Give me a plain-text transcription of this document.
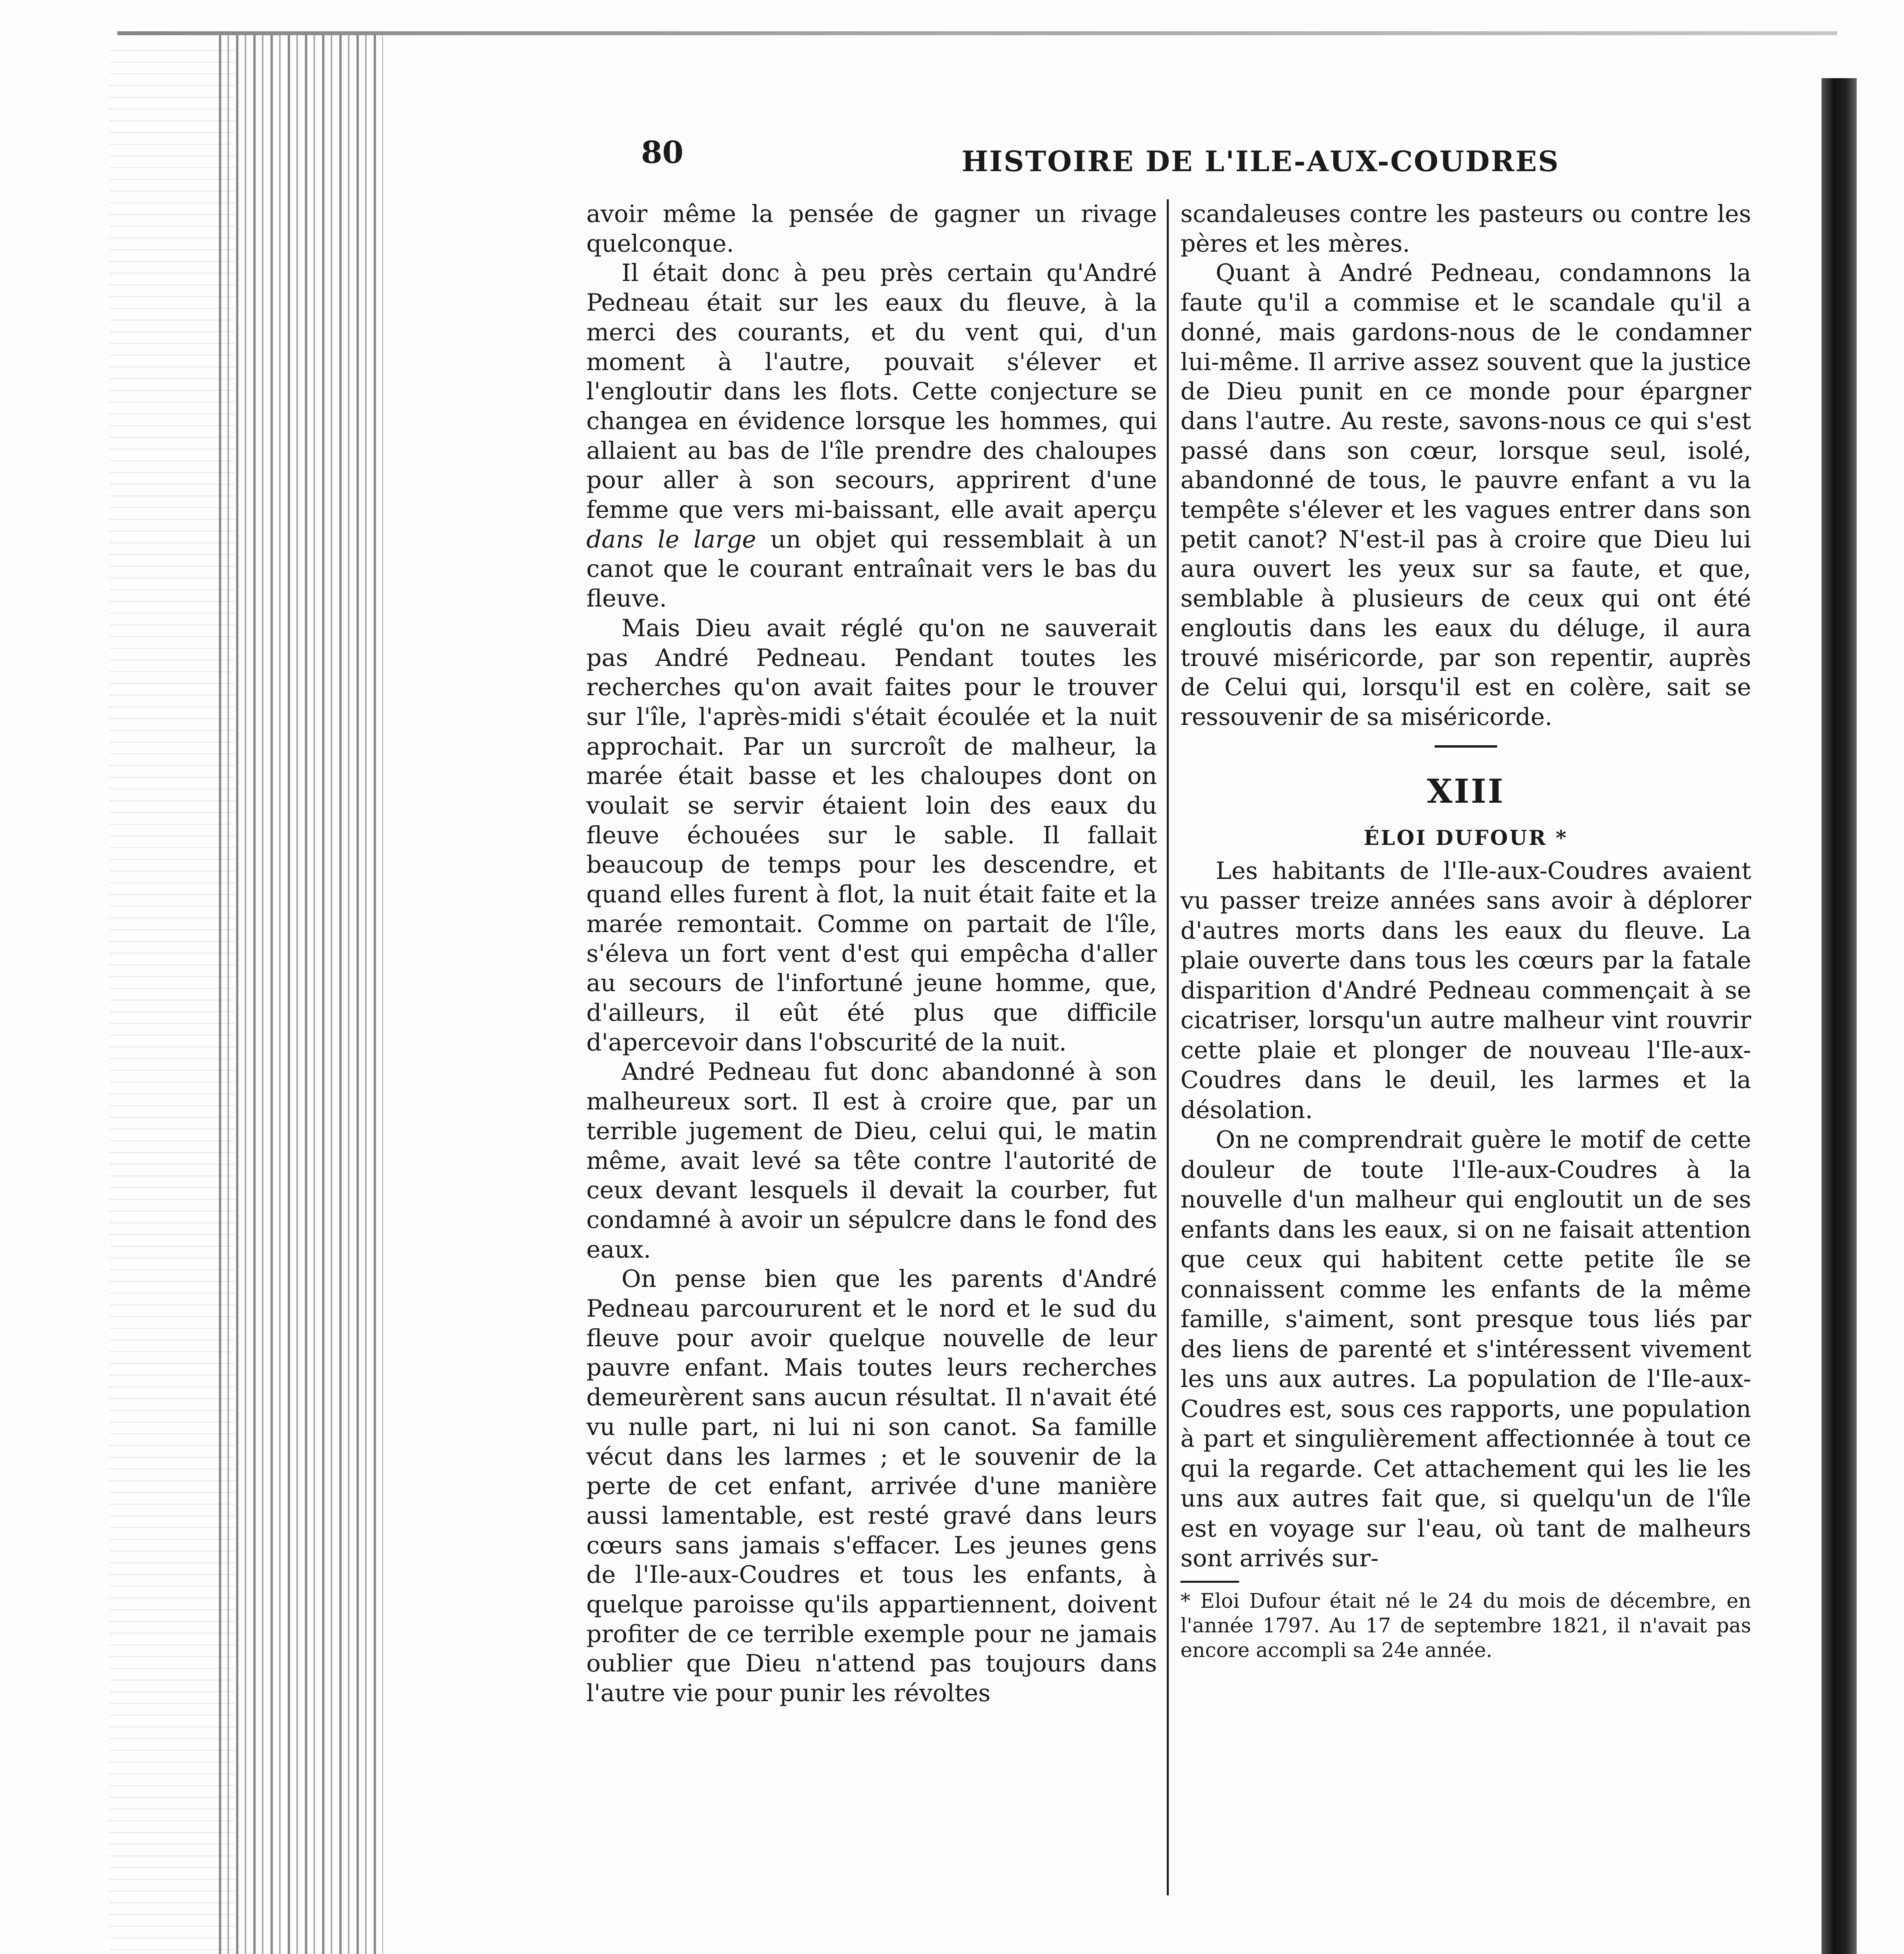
80	HISTOIRE DE L'ILE-AUX-COUDRES

avoir même la pensée de gagner un rivage quelconque.

Il était donc à peu près certain qu'André Pedneau était sur les eaux du fleuve, à la merci des courants, et du vent qui, d'un moment à l'autre, pouvait s'élever et l'engloutir dans les flots. Cette conjecture se changea en évidence lorsque les hommes, qui allaient au bas de l'île prendre des chaloupes pour aller à son secours, apprirent d'une femme que vers mi-baissant, elle avait aperçu dans le large un objet qui ressemblait à un canot que le courant entraînait vers le bas du fleuve.

Mais Dieu avait réglé qu'on ne sauverait pas André Pedneau. Pendant toutes les recherches qu'on avait faites pour le trouver sur l'île, l'après-midi s'était écoulée et la nuit approchait. Par un surcroît de malheur, la marée était basse et les chaloupes dont on voulait se servir étaient loin des eaux du fleuve échouées sur le sable. Il fallait beaucoup de temps pour les descendre, et quand elles furent à flot, la nuit était faite et la marée remontait. Comme on partait de l'île, s'éleva un fort vent d'est qui empêcha d'aller au secours de l'infortuné jeune homme, que, d'ailleurs, il eût été plus que difficile d'apercevoir dans l'obscurité de la nuit.

André Pedneau fut donc abandonné à son malheureux sort. Il est à croire que, par un terrible jugement de Dieu, celui qui, le matin même, avait levé sa tête contre l'autorité de ceux devant lesquels il devait la courber, fut condamné à avoir un sépulcre dans le fond des eaux.

On pense bien que les parents d'André Pedneau parcoururent et le nord et le sud du fleuve pour avoir quelque nouvelle de leur pauvre enfant. Mais toutes leurs recherches demeurèrent sans aucun résultat. Il n'avait été vu nulle part, ni lui ni son canot. Sa famille vécut dans les larmes ; et le souvenir de la perte de cet enfant, arrivée d'une manière aussi lamentable, est resté gravé dans leurs cœurs sans jamais s'effacer. Les jeunes gens de l'Ile-aux-Coudres et tous les enfants, à quelque paroisse qu'ils appartiennent, doivent profiter de ce terrible exemple pour ne jamais oublier que Dieu n'attend pas toujours dans l'autre vie pour punir les révoltes

scandaleuses contre les pasteurs ou contre les pères et les mères.

Quant à André Pedneau, condamnons la faute qu'il a commise et le scandale qu'il a donné, mais gardons-nous de le condamner lui-même. Il arrive assez souvent que la justice de Dieu punit en ce monde pour épargner dans l'autre. Au reste, savons-nous ce qui s'est passé dans son cœur, lorsque seul, isolé, abandonné de tous, le pauvre enfant a vu la tempête s'élever et les vagues entrer dans son petit canot? N'est-il pas à croire que Dieu lui aura ouvert les yeux sur sa faute, et que, semblable à plusieurs de ceux qui ont été engloutis dans les eaux du déluge, il aura trouvé miséricorde, par son repentir, auprès de Celui qui, lorsqu'il est en colère, sait se ressouvenir de sa miséricorde.

XIII
ÉLOI DUFOUR *

Les habitants de l'Ile-aux-Coudres avaient vu passer treize années sans avoir à déplorer d'autres morts dans les eaux du fleuve. La plaie ouverte dans tous les cœurs par la fatale disparition d'André Pedneau commençait à se cicatriser, lorsqu'un autre malheur vint rouvrir cette plaie et plonger de nouveau l'Ile-aux-Coudres dans le deuil, les larmes et la désolation.

On ne comprendrait guère le motif de cette douleur de toute l'Ile-aux-Coudres à la nouvelle d'un malheur qui engloutit un de ses enfants dans les eaux, si on ne faisait attention que ceux qui habitent cette petite île se connaissent comme les enfants de la même famille, s'aiment, sont presque tous liés par des liens de parenté et s'intéressent vivement les uns aux autres. La population de l'Ile-aux-Coudres est, sous ces rapports, une population à part et singulièrement affectionnée à tout ce qui la regarde. Cet attachement qui les lie les uns aux autres fait que, si quelqu'un de l'île est en voyage sur l'eau, où tant de malheurs sont arrivés sur-

* Eloi Dufour était né le 24 du mois de décembre, en l'année 1797. Au 17 de septembre 1821, il n'avait pas encore accompli sa 24e année.
